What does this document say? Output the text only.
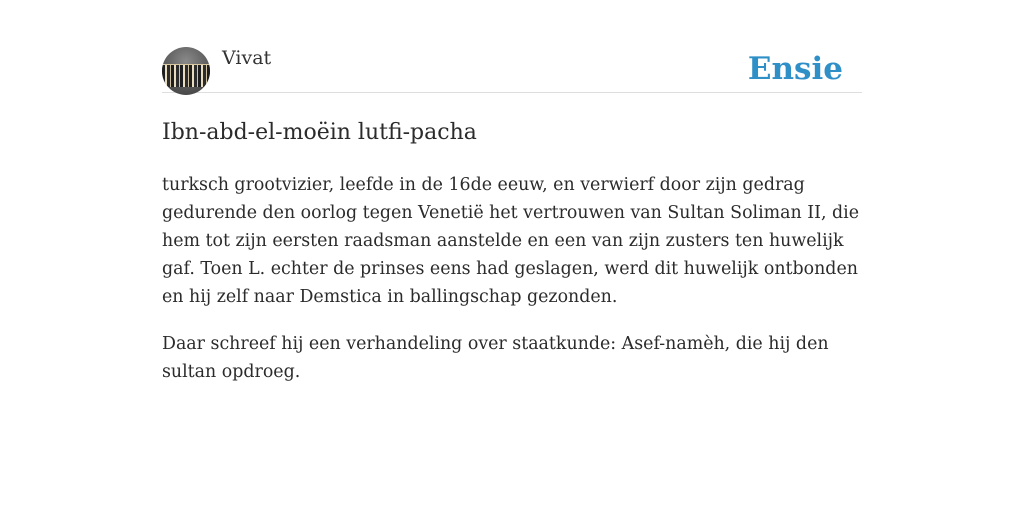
Vivat	Ensie
Ibn-abd-el-moëin lutfi-pacha

turksch grootvizier, leefde in de 16de eeuw, en verwierf door zijn gedrag gedurende den oorlog tegen Venetië het vertrouwen van Sultan Soliman II, die hem tot zijn eersten raadsman aanstelde en een van zijn zusters ten huwelijk gaf. Toen L. echter de prinses eens had geslagen, werd dit huwelijk ontbonden en hij zelf naar Demstica in ballingschap gezonden.

Daar schreef hij een verhandeling over staatkunde: Asef-namèh, die hij den sultan opdroeg.
